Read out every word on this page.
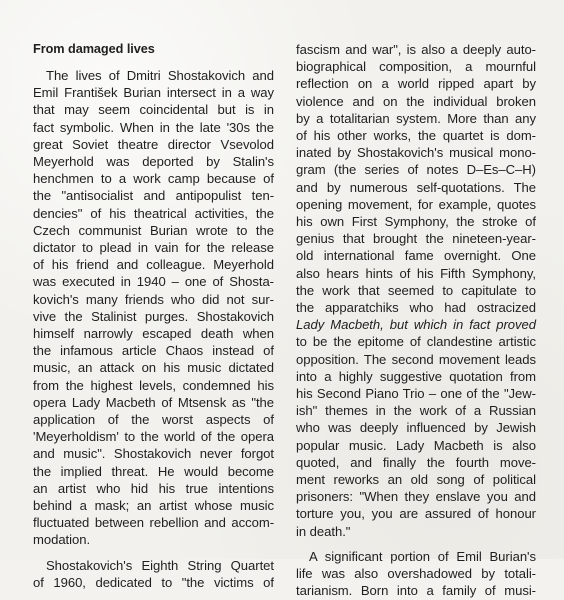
From damaged lives
The lives of Dmitri Shostakovich and
Emil František Burian intersect in a way
that may seem coincidental but is in
fact symbolic. When in the late '30s the
great Soviet theatre director Vsevolod
Meyerhold was deported by Stalin's
henchmen to a work camp because of
the "antisocialist and antipopulist ten-
dencies" of his theatrical activities, the
Czech communist Burian wrote to the
dictator to plead in vain for the release
of his friend and colleague. Meyerhold
was executed in 1940 – one of Shosta-
kovich's many friends who did not sur-
vive the Stalinist purges. Shostakovich
himself narrowly escaped death when
the infamous article Chaos instead of
music, an attack on his music dictated
from the highest levels, condemned his
opera Lady Macbeth of Mtsensk as "the
application of the worst aspects of
'Meyerholdism' to the world of the opera
and music". Shostakovich never forgot
the implied threat. He would become
an artist who hid his true intentions
behind a mask; an artist whose music
fluctuated between rebellion and accom-
modation.
Shostakovich's Eighth String Quartet
of 1960, dedicated to "the victims of
fascism and war", is also a deeply auto-
biographical composition, a mournful
reflection on a world ripped apart by
violence and on the individual broken
by a totalitarian system. More than any
of his other works, the quartet is dom-
inated by Shostakovich's musical mono-
gram (the series of notes D–Es–C–H)
and by numerous self-quotations. The
opening movement, for example, quotes
his own First Symphony, the stroke of
genius that brought the nineteen-year-
old international fame overnight. One
also hears hints of his Fifth Symphony,
the work that seemed to capitulate to
the apparatchiks who had ostracized
Lady Macbeth, but which in fact proved
to be the epitome of clandestine artistic
opposition. The second movement leads
into a highly suggestive quotation from
his Second Piano Trio – one of the "Jew-
ish" themes in the work of a Russian
who was deeply influenced by Jewish
popular music. Lady Macbeth is also
quoted, and finally the fourth move-
ment reworks an old song of political
prisoners: "When they enslave you and
torture you, you are assured of honour
in death."
A significant portion of Emil Burian's
life was also overshadowed by totali-
tarianism. Born into a family of musi-
